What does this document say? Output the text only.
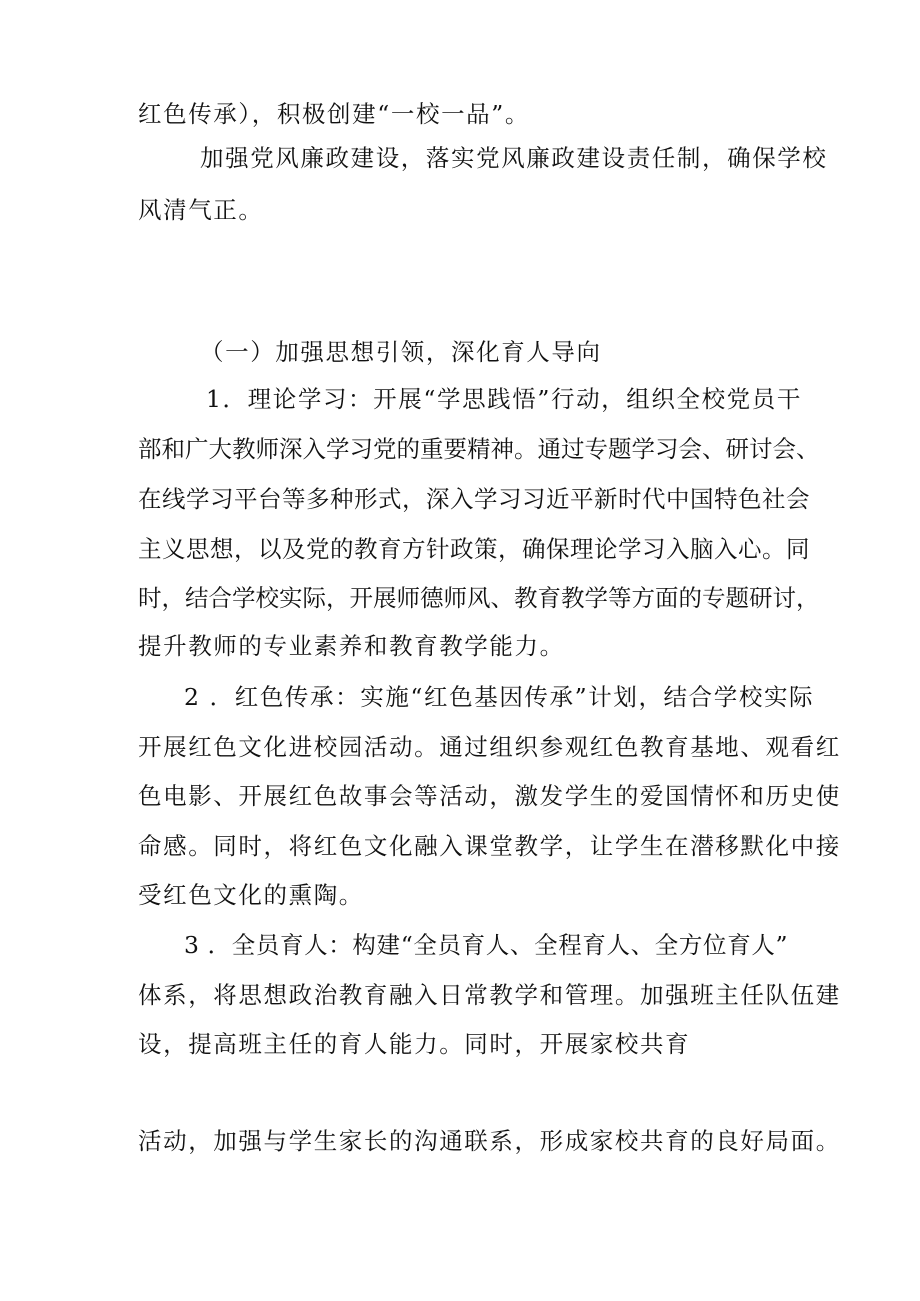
红色传承），积极创建“一校一品”。
加强党风廉政建设，落实党风廉政建设责任制，确保学校
风清气正。
（一）加强思想引领，深化育人导向
1．理论学习：开展“学思践悟”行动，组织全校党员干
部和广大教师深入学习党的重要精神。通过专题学习会、研讨会、
在线学习平台等多种形式，深入学习习近平新时代中国特色社会
主义思想，以及党的教育方针政策，确保理论学习入脑入心。同
时，结合学校实际，开展师德师风、教育教学等方面的专题研讨，
提升教师的专业素养和教育教学能力。
2 ．红色传承：实施“红色基因传承”计划，结合学校实际
开展红色文化进校园活动。通过组织参观红色教育基地、观看红
色电影、开展红色故事会等活动，激发学生的爱国情怀和历史使
命感。同时，将红色文化融入课堂教学，让学生在潜移默化中接
受红色文化的熏陶。
3 ．全员育人：构建“全员育人、全程育人、全方位育人”
体系，将思想政治教育融入日常教学和管理。加强班主任队伍建
设，提高班主任的育人能力。同时，开展家校共育
活动，加强与学生家长的沟通联系，形成家校共育的良好局面。
